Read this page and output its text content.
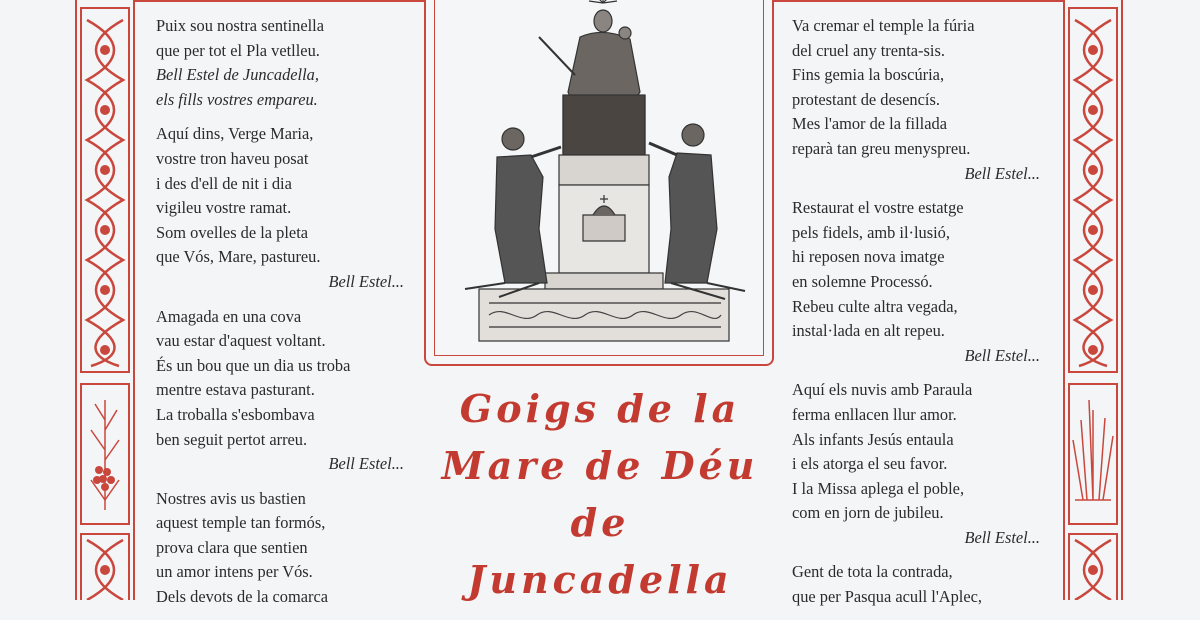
Puix sou nostra sentinella
que per tot el Pla vetlleu.
Bell Estel de Juncadella,
els fills vostres empareu.
Aquí dins, Verge Maria,
vostre tron haveu posat
i des d'ell de nit i dia
vigileu vostre ramat.
Som ovelles de la pleta
que Vós, Mare, pastureu.
Bell Estel...
Amagada en una cova
vau estar d'aquest voltant.
És un bou que un dia us troba
mentre estava pasturant.
La troballa s'esbombava
ben seguit pertot arreu.
Bell Estel...
Nostres avis us bastien
aquest temple tan formós,
prova clara que sentien
un amor intens per Vós.
Dels devots de la comarca
Goigs de la
Mare de Déu
de
Juncadella
Va cremar el temple la fúria
del cruel any trenta-sis.
Fins gemia la boscúria,
protestant de desencís.
Mes l'amor de la fillada
reparà tan greu menyspreu.
Bell Estel...
Restaurat el vostre estatge
pels fidels, amb il·lusió,
hi reposen nova imatge
en solemne Processó.
Rebeu culte altra vegada,
instal·lada en alt repeu.
Bell Estel...
Aquí els nuvis amb Paraula
ferma enllacen llur amor.
Als infants Jesús entaula
i els atorga el seu favor.
I la Missa aplega el poble,
com en jorn de jubileu.
Bell Estel...
Gent de tota la contrada,
que per Pasqua acull l'Aplec,
